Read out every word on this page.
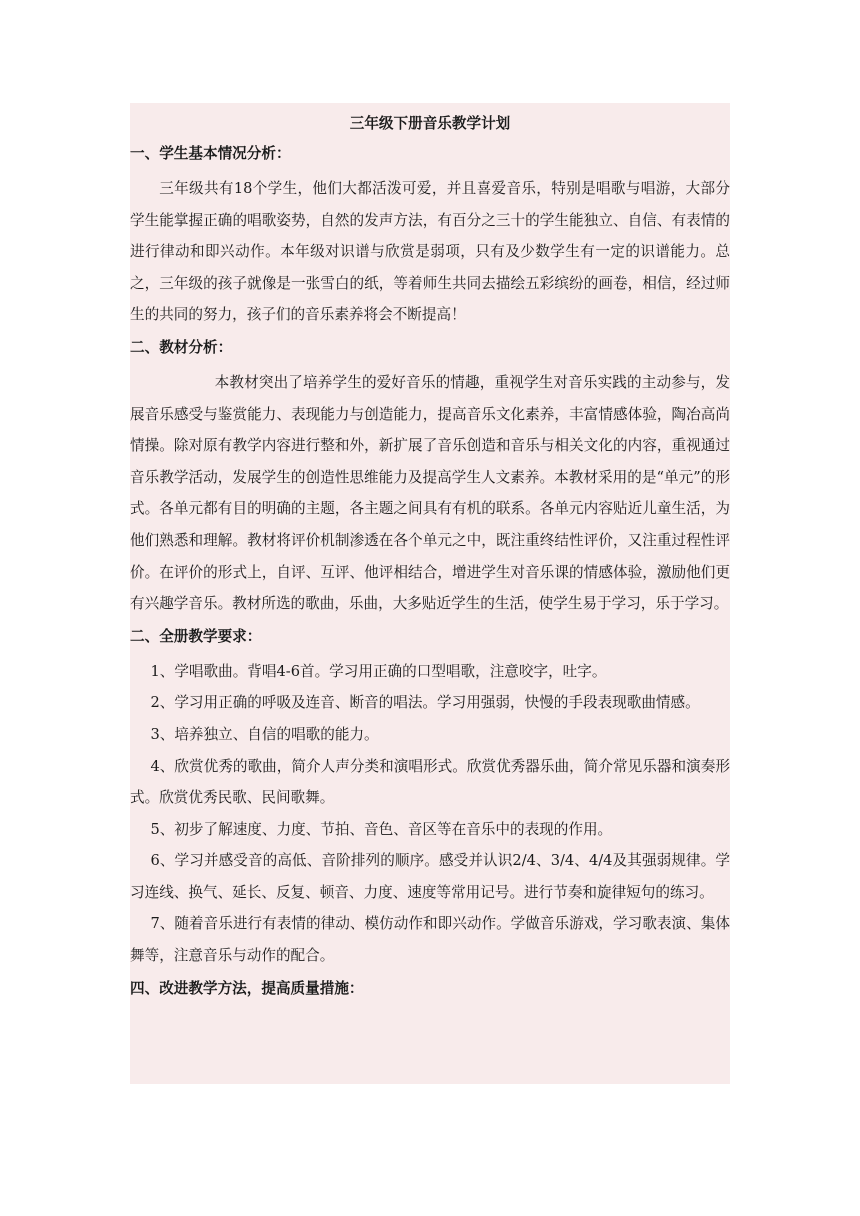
三年级下册音乐教学计划
一、学生基本情况分析：

三年级共有18个学生，他们大都活泼可爱，并且喜爱音乐，特别是唱歌与唱游，大部分学生能掌握正确的唱歌姿势，自然的发声方法，有百分之三十的学生能独立、自信、有表情的进行律动和即兴动作。本年级对识谱与欣赏是弱项，只有及少数学生有一定的识谱能力。总之，三年级的孩子就像是一张雪白的纸，等着师生共同去描绘五彩缤纷的画卷，相信，经过师生的共同的努力，孩子们的音乐素养将会不断提高！

二、教材分析：

本教材突出了培养学生的爱好音乐的情趣，重视学生对音乐实践的主动参与，发展音乐感受与鉴赏能力、表现能力与创造能力，提高音乐文化素养，丰富情感体验，陶冶高尚情操。除对原有教学内容进行整和外，新扩展了音乐创造和音乐与相关文化的内容，重视通过音乐教学活动，发展学生的创造性思维能力及提高学生人文素养。本教材采用的是“单元”的形式。各单元都有目的明确的主题，各主题之间具有有机的联系。各单元内容贴近儿童生活，为他们熟悉和理解。教材将评价机制渗透在各个单元之中，既注重终结性评价，又注重过程性评价。在评价的形式上，自评、互评、他评相结合，增进学生对音乐课的情感体验，激励他们更有兴趣学音乐。教材所选的歌曲，乐曲，大多贴近学生的生活，使学生易于学习，乐于学习。

二、全册教学要求：

1、学唱歌曲。背唱4-6首。学习用正确的口型唱歌，注意咬字，吐字。

2、学习用正确的呼吸及连音、断音的唱法。学习用强弱，快慢的手段表现歌曲情感。

3、培养独立、自信的唱歌的能力。

4、欣赏优秀的歌曲，简介人声分类和演唱形式。欣赏优秀器乐曲，简介常见乐器和演奏形式。欣赏优秀民歌、民间歌舞。

5、初步了解速度、力度、节拍、音色、音区等在音乐中的表现的作用。

6、学习并感受音的高低、音阶排列的顺序。感受并认识2/4、3/4、4/4及其强弱规律。学习连线、换气、延长、反复、顿音、力度、速度等常用记号。进行节奏和旋律短句的练习。

7、随着音乐进行有表情的律动、模仿动作和即兴动作。学做音乐游戏，学习歌表演、集体舞等，注意音乐与动作的配合。

四、改进教学方法，提高质量措施：
